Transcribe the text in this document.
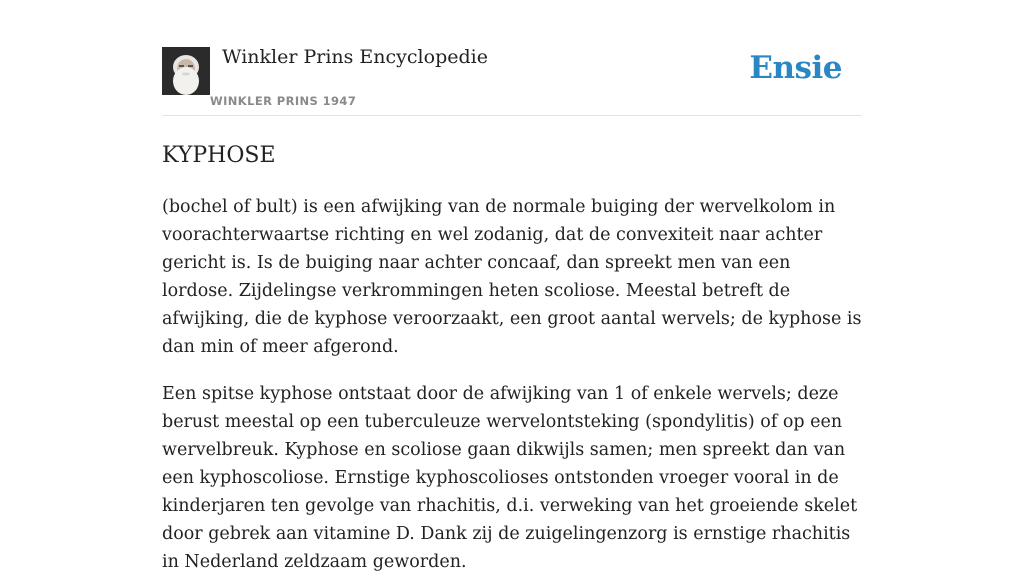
Winkler Prins Encyclopedie
WINKLER PRINS 1947
Ensie
KYPHOSE

(bochel of bult) is een afwijking van de normale buiging der wervelkolom in voorachterwaartse richting en wel zodanig, dat de convexiteit naar achter gericht is. Is de buiging naar achter concaaf, dan spreekt men van een lordose. Zijdelingse verkrommingen heten scoliose. Meestal betreft de afwijking, die de kyphose veroorzaakt, een groot aantal wervels; de kyphose is dan min of meer afgerond.

Een spitse kyphose ontstaat door de afwijking van 1 of enkele wervels; deze berust meestal op een tuberculeuze wervelontsteking (spondylitis) of op een wervelbreuk. Kyphose en scoliose gaan dikwijls samen; men spreekt dan van een kyphoscoliose. Ernstige kyphoscolioses ontstonden vroeger vooral in de kinderjaren ten gevolge van rhachitis, d.i. verweking van het groeiende skelet door gebrek aan vitamine D. Dank zij de zuigelingenzorg is ernstige rhachitis in Nederland zeldzaam geworden.
